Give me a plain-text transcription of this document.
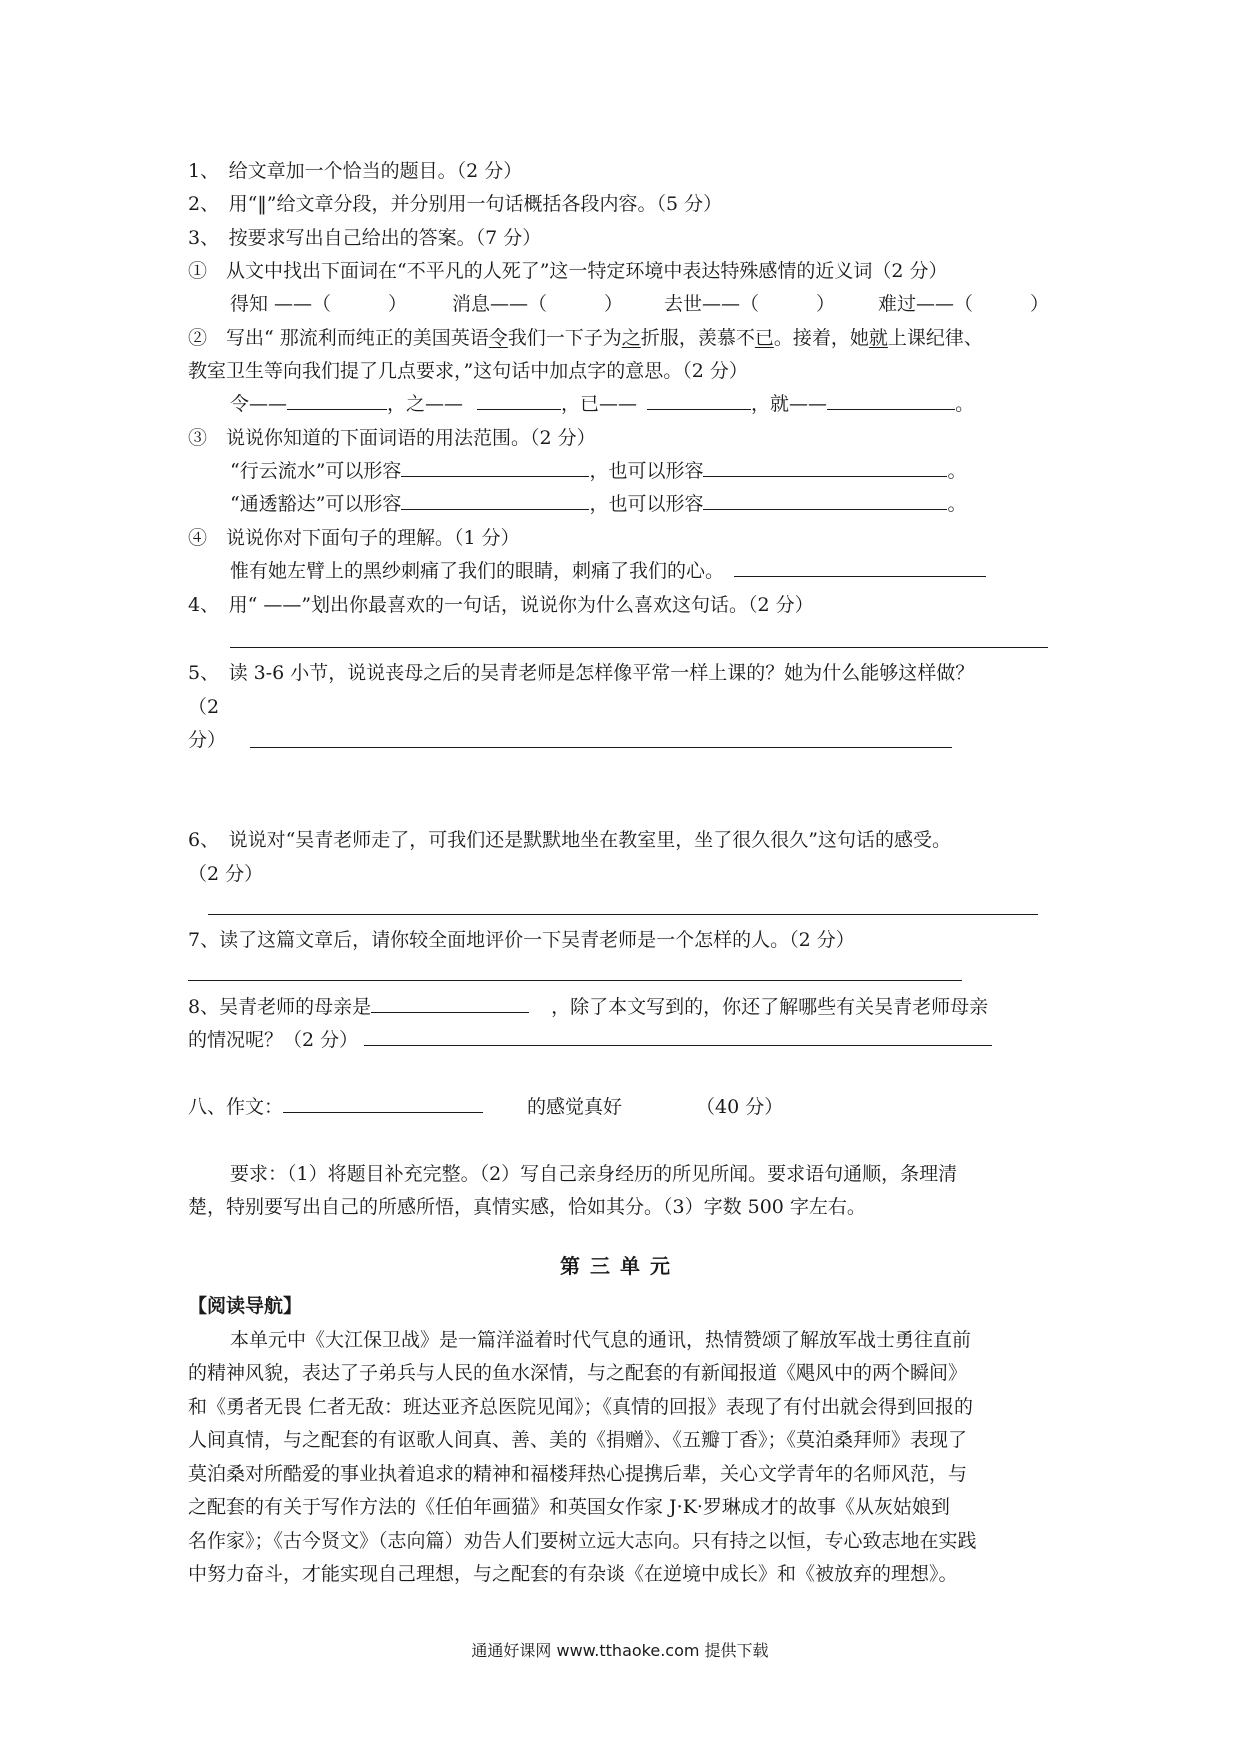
1、　给文章加一个恰当的题目。（2 分）
2、　用“‖”给文章分段，并分别用一句话概括各段内容。（5 分）
3、　按要求写出自己给出的答案。（7 分）
①　从文中找出下面词在“不平凡的人死了”这一特定环境中表达特殊感情的近义词（2 分）
得知 ——（　　　） 消息——（　　　） 去世——（　　　） 难过——（　　　）
②　写出“ 那流利而纯正的美国英语令我们一下子为之折服，羡慕不已。接着，她就上课纪律、
教室卫生等向我们提了几点要求，”这句话中加点字的意思。（2 分）
令——	，之——	，已——	，就——	。
③　说说你知道的下面词语的用法范围。（2 分）
“行云流水”可以形容	，也可以形容	。
“通透豁达”可以形容	，也可以形容	。
④　说说你对下面句子的理解。（1 分）
惟有她左臂上的黑纱刺痛了我们的眼睛，刺痛了我们的心。
4、　用“ ——”划出你最喜欢的一句话，说说你为什么喜欢这句话。（2 分）
5、　读 3-6 小节，说说丧母之后的吴青老师是怎样像平常一样上课的？她为什么能够这样做？
（2
分）
6、　说说对“吴青老师走了，可我们还是默默地坐在教室里，坐了很久很久”这句话的感受。
（2 分）
7、读了这篇文章后，请你较全面地评价一下吴青老师是一个怎样的人。（2 分）
8、吴青老师的母亲是	，除了本文写到的，你还了解哪些有关吴青老师母亲
的情况呢？（2 分）
八、作文：	的感觉真好	（40 分）
要求：（1）将题目补充完整。（2）写自己亲身经历的所见所闻。要求语句通顺，条理清
楚，特别要写出自己的所感所悟，真情实感，恰如其分。（3）字数 500 字左右。
第三单元
【阅读导航】
本单元中《大江保卫战》是一篇洋溢着时代气息的通讯，热情赞颂了解放军战士勇往直前
的精神风貌，表达了子弟兵与人民的鱼水深情，与之配套的有新闻报道《飓风中的两个瞬间》
和《勇者无畏 仁者无敌：班达亚齐总医院见闻》；《真情的回报》表现了有付出就会得到回报的
人间真情，与之配套的有讴歌人间真、善、美的《捐赠》、《五瓣丁香》；《莫泊桑拜师》表现了
莫泊桑对所酷爱的事业执着追求的精神和福楼拜热心提携后辈，关心文学青年的名师风范，与
之配套的有关于写作方法的《任伯年画猫》和英国女作家 J·K·罗琳成才的故事《从灰姑娘到
名作家》；《古今贤文》（志向篇）劝告人们要树立远大志向。只有持之以恒，专心致志地在实践
中努力奋斗，才能实现自己理想，与之配套的有杂谈《在逆境中成长》和《被放弃的理想》。
通通好课网 www.tthaoke.com 提供下载
